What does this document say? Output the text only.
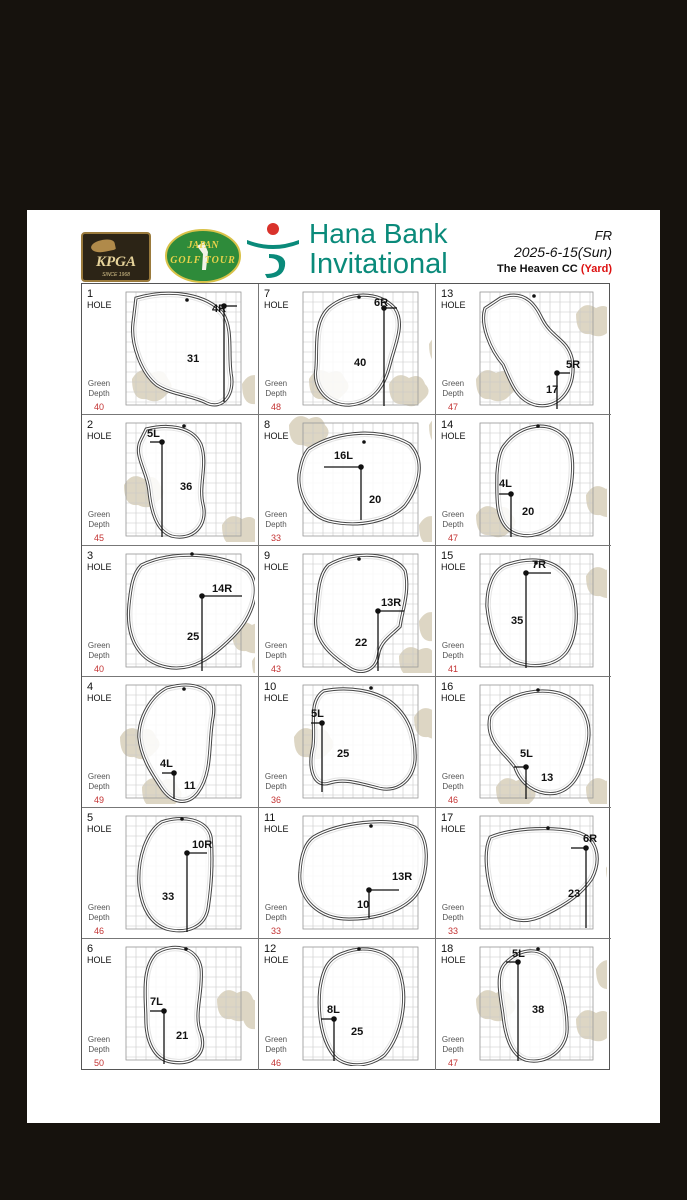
KPGA
SINCE 1968
JAPAN
GOLF TOUR
Hana Bank
Invitational
FR
2025-6-15(Sun)
The Heaven CC (Yard)
1
HOLE
Green
Depth
40
4R
31
2
HOLE
Green
Depth
45
5L
36
3
HOLE
Green
Depth
40
14R
25
4
HOLE
Green
Depth
49
4L
11
5
HOLE
Green
Depth
46
10R
33
6
HOLE
Green
Depth
50
7L
21
7
HOLE
Green
Depth
48
6R
40
8
HOLE
Green
Depth
33
16L
20
9
HOLE
Green
Depth
43
13R
22
10
HOLE
Green
Depth
36
5L
25
11
HOLE
Green
Depth
33
13R
10
12
HOLE
Green
Depth
46
8L
25
13
HOLE
Green
Depth
47
5R
17
14
HOLE
Green
Depth
47
4L
20
15
HOLE
Green
Depth
41
7R
35
16
HOLE
Green
Depth
46
5L
13
17
HOLE
Green
Depth
33
6R
23
18
HOLE
Green
Depth
47
5L
38
